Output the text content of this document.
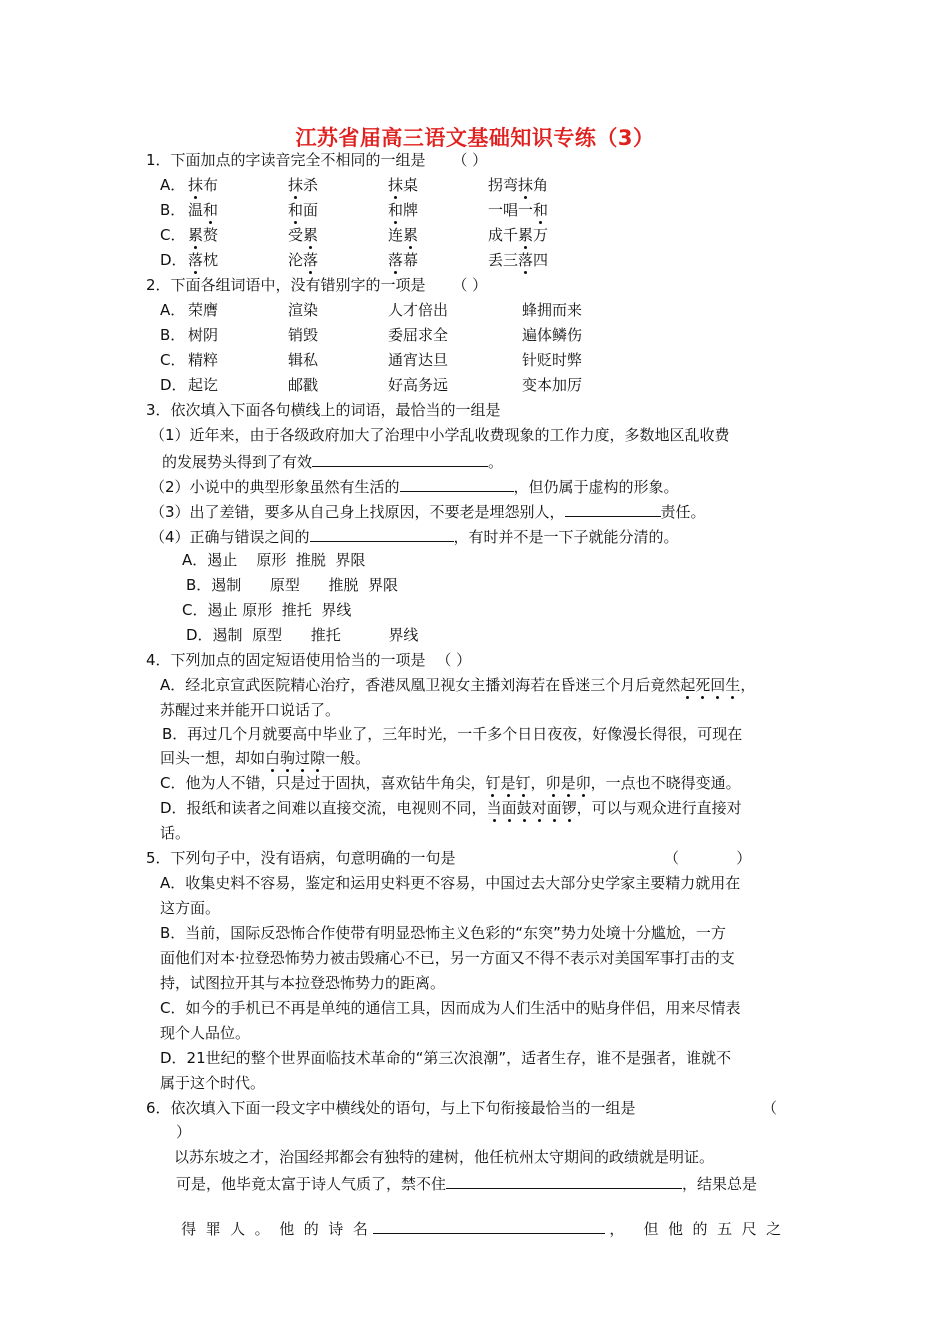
江苏省届高三语文基础知识专练（3）
1．下面加点的字读音完全不相同的一组是 （ ）
A． 抹布	抹杀	抹桌	拐弯抹角
B． 温和	和面	和牌	一唱一和
C． 累赘	受累	连累	成千累万
D． 落枕	沦落	落幕	丢三落四
2．下面各组词语中，没有错别字的一项是 （ ）
A． 荣膺	渲染	人才倍出	蜂拥而来
B． 树阴	销毁	委屈求全	遍体鳞伤
C． 精粹	辑私	通宵达旦	针贬时弊
D． 起讫	邮戳	好高务远	变本加厉
3．依次填入下面各句横线上的词语，最恰当的一组是
（1）近年来，由于各级政府加大了治理中小学乱收费现象的工作力度，多数地区乱收费
的发展势头得到了有效	。
（2）小说中的典型形象虽然有生活的	，但仍属于虚构的形象。
（3）出了差错，要多从自己身上找原因，不要老是埋怨别人，	责任。
（4）正确与错误之间的	，有时并不是一下子就能分清的。
A．遏止    原形  推脱  界限
B．遏制      原型      推脱  界限
C．遏止 原形  推托  界线
D．遏制  原型      推托          界线
4．下列加点的固定短语使用恰当的一项是 （ ）
A．经北京宣武医院精心治疗，香港凤凰卫视女主播刘海若在昏迷三个月后竟然起死回生，
苏醒过来并能开口说话了。
B．再过几个月就要高中毕业了，三年时光，一千多个日日夜夜，好像漫长得很，可现在
回头一想，却如白驹过隙一般。
C．他为人不错，只是过于固执，喜欢钻牛角尖，钉是钉，卯是卯，一点也不晓得变通。
D．报纸和读者之间难以直接交流，电视则不同，当面鼓对面锣，可以与观众进行直接对
话。
5．下列句子中，没有语病，句意明确的一句是	（            ）
A．收集史料不容易，鉴定和运用史料更不容易，中国过去大部分史学家主要精力就用在
这方面。
B．当前，国际反恐怖合作使带有明显恐怖主义色彩的“东突”势力处境十分尴尬，一方
面他们对本·拉登恐怖势力被击毁痛心不已，另一方面又不得不表示对美国军事打击的支
持，试图拉开其与本拉登恐怖势力的距离。
C．如今的手机已不再是单纯的通信工具，因而成为人们生活中的贴身伴侣，用来尽情表
现个人品位。
D．21世纪的整个世界面临技术革命的“第三次浪潮”，适者生存，谁不是强者，谁就不
属于这个时代。
6．依次填入下面一段文字中横线处的语句，与上下句衔接最恰当的一组是	（
）
以苏东坡之才，治国经邦都会有独特的建树，他任杭州太守期间的政绩就是明证。
可是，他毕竟太富于诗人气质了，禁不住	，结果总是

得  罪  人  。  他  的  诗  名	，    但  他  的  五  尺  之
